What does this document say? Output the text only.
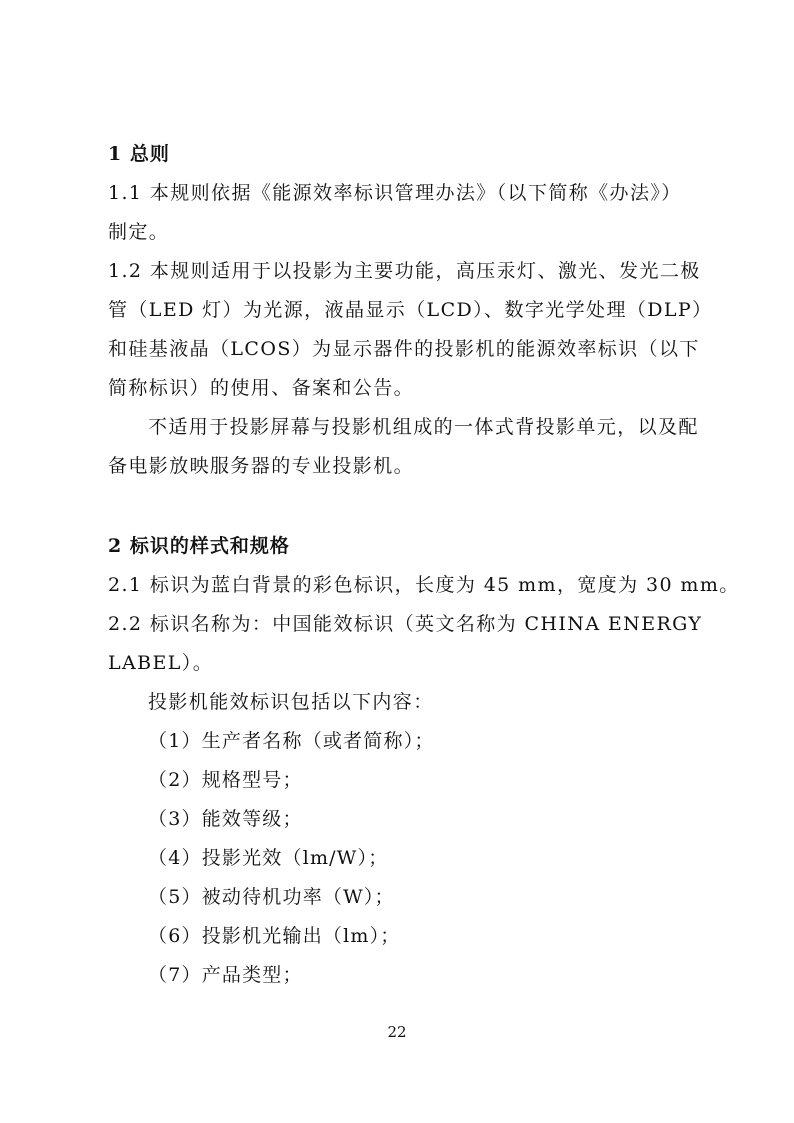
1 总则
1.1 本规则依据《能源效率标识管理办法》（以下简称《办法》）
制定。
1.2 本规则适用于以投影为主要功能，高压汞灯、激光、发光二极
管（LED 灯）为光源，液晶显示（LCD）、数字光学处理（DLP）
和硅基液晶（LCOS）为显示器件的投影机的能源效率标识（以下
简称标识）的使用、备案和公告。
不适用于投影屏幕与投影机组成的一体式背投影单元，以及配
备电影放映服务器的专业投影机。
2 标识的样式和规格
2.1 标识为蓝白背景的彩色标识，长度为 45 mm，宽度为 30 mm。
2.2 标识名称为：中国能效标识（英文名称为 CHINA ENERGY
LABEL）。
投影机能效标识包括以下内容：
（1）生产者名称（或者简称）；
（2）规格型号；
（3）能效等级；
（4）投影光效（lm/W）；
（5）被动待机功率（W）；
（6）投影机光输出（lm）；
（7）产品类型；
22
